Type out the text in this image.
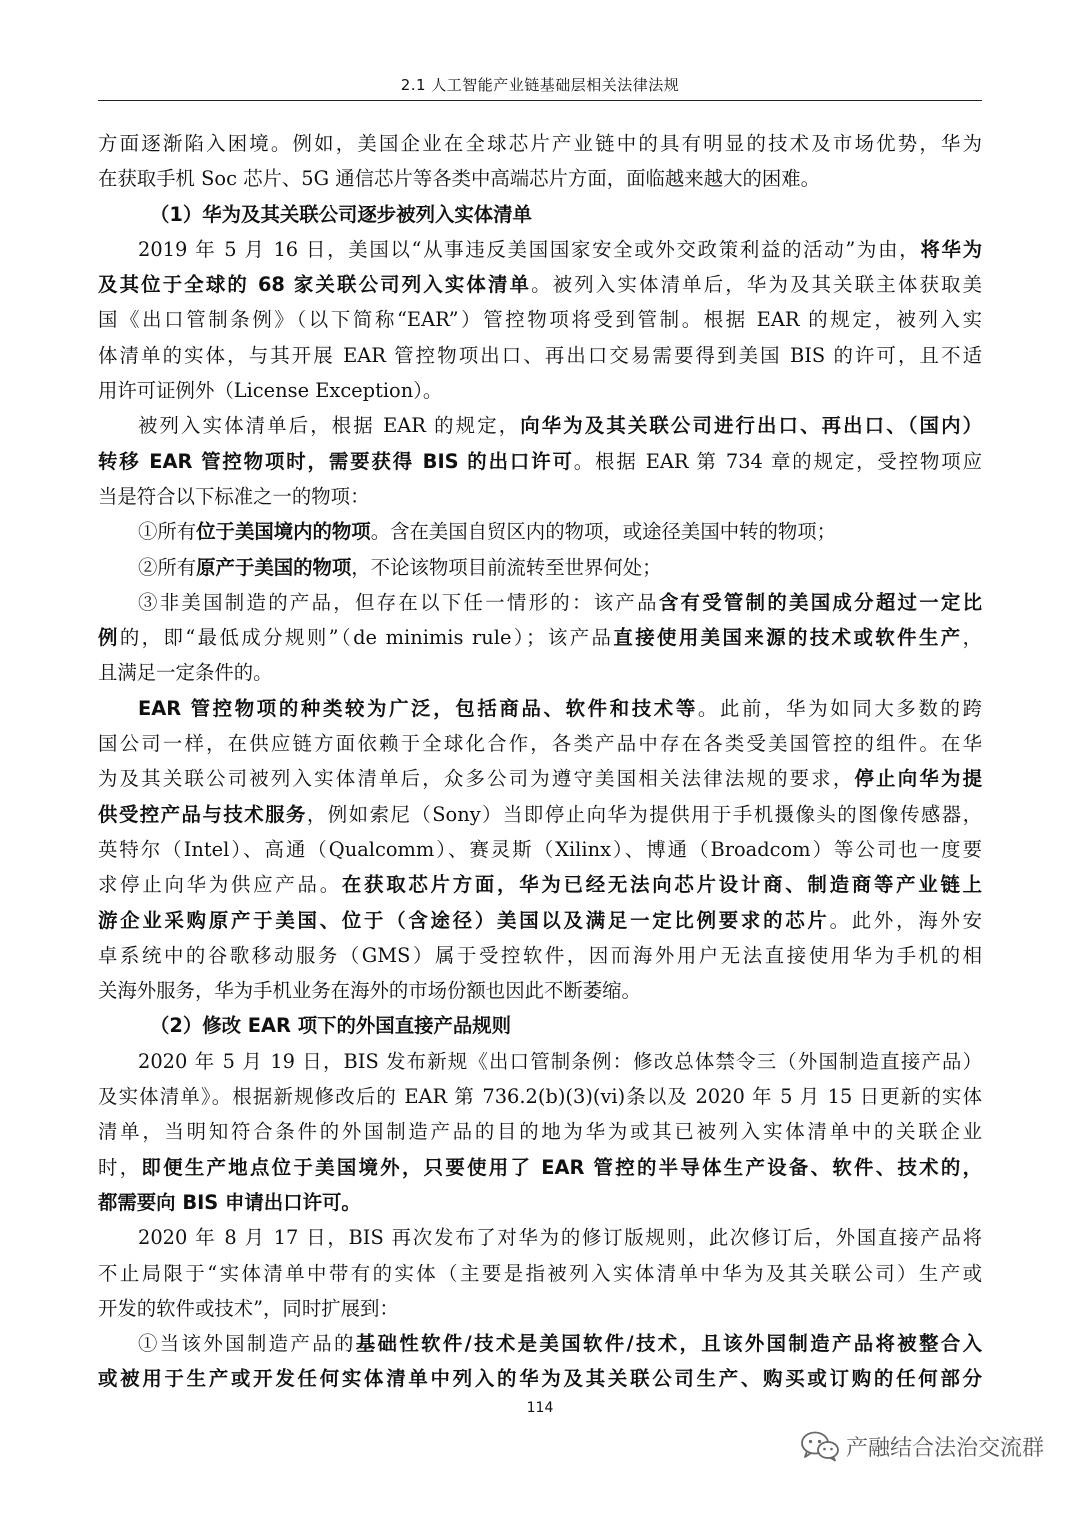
2.1 人工智能产业链基础层相关法律法规
方面逐渐陷入困境。例如，美国企业在全球芯片产业链中的具有明显的技术及市场优势，华为
在获取手机 Soc 芯片、5G 通信芯片等各类中高端芯片方面，面临越来越大的困难。
（1）华为及其关联公司逐步被列入实体清单
2019 年 5 月 16 日，美国以“从事违反美国国家安全或外交政策利益的活动”为由，将华为
及其位于全球的 68 家关联公司列入实体清单。被列入实体清单后，华为及其关联主体获取美
国《出口管制条例》（以下简称“EAR”）管控物项将受到管制。根据 EAR 的规定，被列入实
体清单的实体，与其开展 EAR 管控物项出口、再出口交易需要得到美国 BIS 的许可，且不适
用许可证例外（License Exception）。
被列入实体清单后，根据 EAR 的规定，向华为及其关联公司进行出口、再出口、（国内）
转移 EAR 管控物项时，需要获得 BIS 的出口许可。根据 EAR 第 734 章的规定，受控物项应
当是符合以下标准之一的物项：
①所有位于美国境内的物项。含在美国自贸区内的物项，或途径美国中转的物项；
②所有原产于美国的物项，不论该物项目前流转至世界何处；
③非美国制造的产品，但存在以下任一情形的：该产品含有受管制的美国成分超过一定比
例的，即“最低成分规则”（de minimis rule）；该产品直接使用美国来源的技术或软件生产，
且满足一定条件的。
EAR 管控物项的种类较为广泛，包括商品、软件和技术等。此前，华为如同大多数的跨
国公司一样，在供应链方面依赖于全球化合作，各类产品中存在各类受美国管控的组件。在华
为及其关联公司被列入实体清单后，众多公司为遵守美国相关法律法规的要求，停止向华为提
供受控产品与技术服务，例如索尼（Sony）当即停止向华为提供用于手机摄像头的图像传感器，
英特尔（Intel）、高通（Qualcomm）、赛灵斯（Xilinx）、博通（Broadcom）等公司也一度要
求停止向华为供应产品。在获取芯片方面，华为已经无法向芯片设计商、制造商等产业链上
游企业采购原产于美国、位于（含途径）美国以及满足一定比例要求的芯片。此外，海外安
卓系统中的谷歌移动服务（GMS）属于受控软件，因而海外用户无法直接使用华为手机的相
关海外服务，华为手机业务在海外的市场份额也因此不断萎缩。
（2）修改 EAR 项下的外国直接产品规则
2020 年 5 月 19 日，BIS 发布新规《出口管制条例：修改总体禁令三（外国制造直接产品）
及实体清单》。根据新规修改后的 EAR 第 736.2(b)(3)(vi)条以及 2020 年 5 月 15 日更新的实体
清单，当明知符合条件的外国制造产品的目的地为华为或其已被列入实体清单中的关联企业
时，即便生产地点位于美国境外，只要使用了 EAR 管控的半导体生产设备、软件、技术的，
都需要向 BIS 申请出口许可。
2020 年 8 月 17 日，BIS 再次发布了对华为的修订版规则，此次修订后，外国直接产品将
不止局限于“实体清单中带有的实体（主要是指被列入实体清单中华为及其关联公司）生产或
开发的软件或技术”，同时扩展到：
①当该外国制造产品的基础性软件/技术是美国软件/技术，且该外国制造产品将被整合入
或被用于生产或开发任何实体清单中列入的华为及其关联公司生产、购买或订购的任何部分
114
产融结合法治交流群
